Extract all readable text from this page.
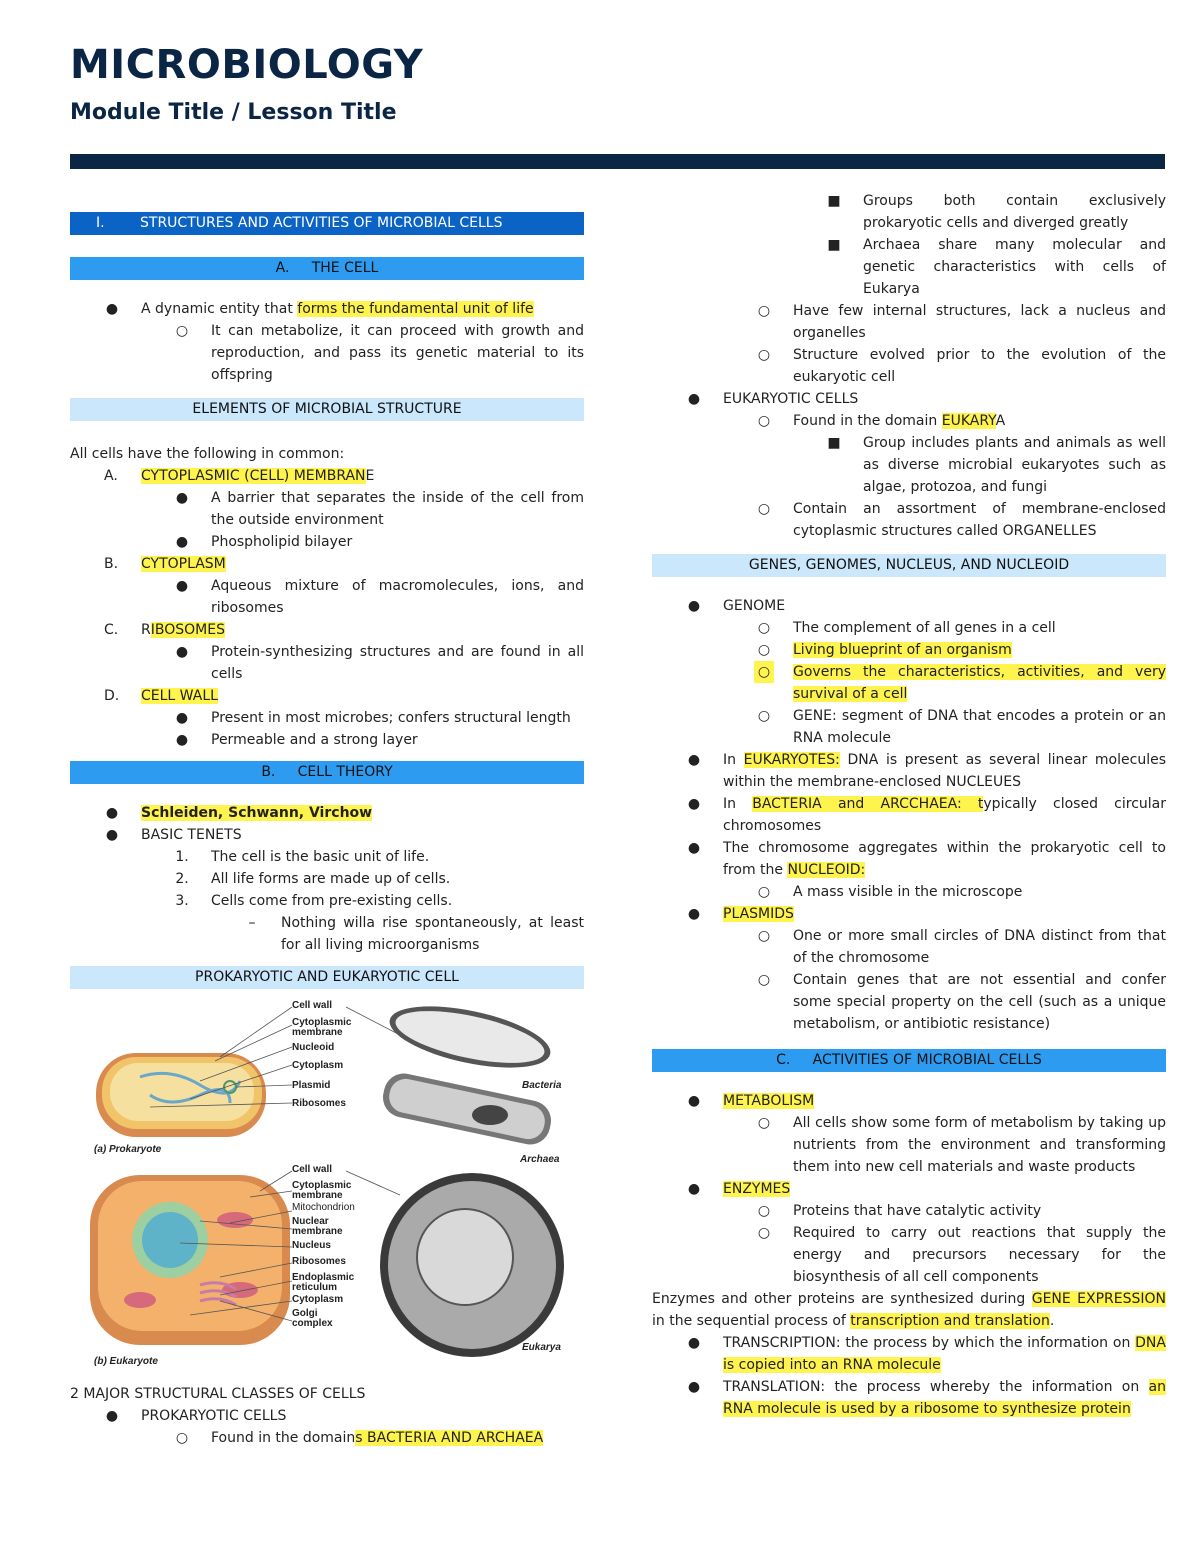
MICROBIOLOGY
Module Title / Lesson Title
I.	STRUCTURES AND ACTIVITIES OF MICROBIAL CELLS
A. THE CELL
● A dynamic entity that forms the fundamental unit of life
○ It can metabolize, it can proceed with growth and reproduction, and pass its genetic material to its offspring
ELEMENTS OF MICROBIAL STRUCTURE
All cells have the following in common:
A.	CYTOPLASMIC (CELL) MEMBRANE
● A barrier that separates the inside of the cell from the outside environment
● Phospholipid bilayer
B.	CYTOPLASM
● Aqueous mixture of macromolecules, ions, and ribosomes
C.	RIBOSOMES
● Protein-synthesizing structures and are found in all cells
D.	CELL WALL
● Present in most microbes; confers structural length
● Permeable and a strong layer
B. CELL THEORY
● Schleiden, Schwann, Virchow
● BASIC TENETS
1. The cell is the basic unit of life.
2. All life forms are made up of cells.
3. Cells come from pre-existing cells.
–	Nothing willa rise spontaneously, at least for all living microorganisms
PROKARYOTIC AND EUKARYOTIC CELL
Cell wall
Cytoplasmic membrane
Nucleoid
Cytoplasm
Plasmid
Ribosomes
(a) Prokaryote
Bacteria
Archaea
Cell wall
Cytoplasmic membrane
Mitochondrion
Nuclear membrane
Nucleus
Ribosomes
Endoplasmic reticulum
Cytoplasm
Golgi complex
(b) Eukaryote
Eukarya
2 MAJOR STRUCTURAL CLASSES OF CELLS
● PROKARYOTIC CELLS
○ Found in the domains BACTERIA AND ARCHAEA
■ Groups both contain exclusively prokaryotic cells and diverged greatly
■ Archaea share many molecular and genetic characteristics with cells of Eukarya
○ Have few internal structures, lack a nucleus and organelles
○ Structure evolved prior to the evolution of the eukaryotic cell
● EUKARYOTIC CELLS
○ Found in the domain EUKARYA
■ Group includes plants and animals as well as diverse microbial eukaryotes such as algae, protozoa, and fungi
○ Contain an assortment of membrane-enclosed cytoplasmic structures called ORGANELLES
GENES, GENOMES, NUCLEUS, AND NUCLEOID
● GENOME
○ The complement of all genes in a cell
○ Living blueprint of an organism
○ Governs the characteristics, activities, and very survival of a cell
○ GENE: segment of DNA that encodes a protein or an RNA molecule
● In EUKARYOTES: DNA is present as several linear molecules within the membrane-enclosed NUCLEUES
● In BACTERIA and ARCCHAEA: typically closed circular chromosomes
● The chromosome aggregates within the prokaryotic cell to from the NUCLEOID:
○ A mass visible in the microscope
● PLASMIDS
○ One or more small circles of DNA distinct from that of the chromosome
○ Contain genes that are not essential and confer some special property on the cell (such as a unique metabolism, or antibiotic resistance)
C. ACTIVITIES OF MICROBIAL CELLS
● METABOLISM
○ All cells show some form of metabolism by taking up nutrients from the environment and transforming them into new cell materials and waste products
● ENZYMES
○ Proteins that have catalytic activity
○ Required to carry out reactions that supply the energy and precursors necessary for the biosynthesis of all cell components
Enzymes and other proteins are synthesized during GENE EXPRESSION in the sequential process of transcription and translation.
● TRANSCRIPTION: the process by which the information on DNA is copied into an RNA molecule
● TRANSLATION: the process whereby the information on an RNA molecule is used by a ribosome to synthesize protein
